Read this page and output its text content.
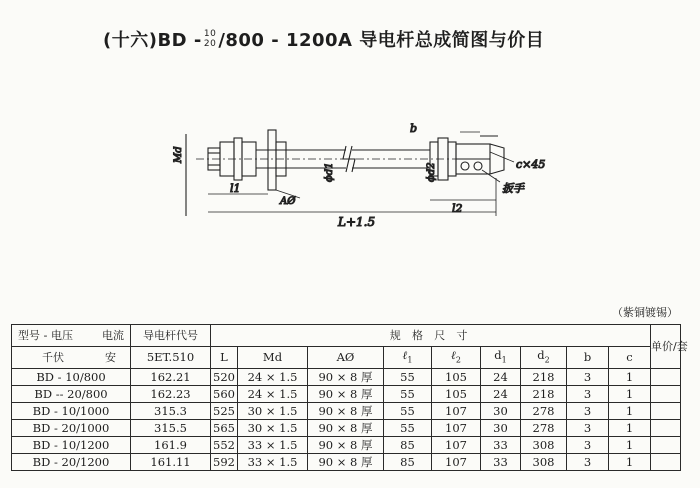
(十六)BD - 10
20 /800 - 1200A 导电杆总成简图与价目
Md
ϕd1
l1
AØ
L+1.5
b
ϕd2
l2
c×45
扳手
（紫铜镀锡）
型号 - 电压 电流	导电杆代号	规 格 尺 寸									单价/套

千伏 安	5ET.510	L	Md	AØ	ℓ$_1$	ℓ$_2$	$d_1$	$d_2$	b	c	
BD - 10/800	162.21	520	24 × 1.5	90 × 8 厚	55	105	24	218	3	1	
BD -- 20/800	162.23	560	24 × 1.5	90 × 8 厚	55	105	24	218	3	1	
BD - 10/1000	315.3	525	30 × 1.5	90 × 8 厚	55	107	30	278	3	1	
BD - 20/1000	315.5	565	30 × 1.5	90 × 8 厚	55	107	30	278	3	1	
BD - 10/1200	161.9	552	33 × 1.5	90 × 8 厚	85	107	33	308	3	1	
BD - 20/1200	161.11	592	33 × 1.5	90 × 8 厚	85	107	33	308	3	1	
